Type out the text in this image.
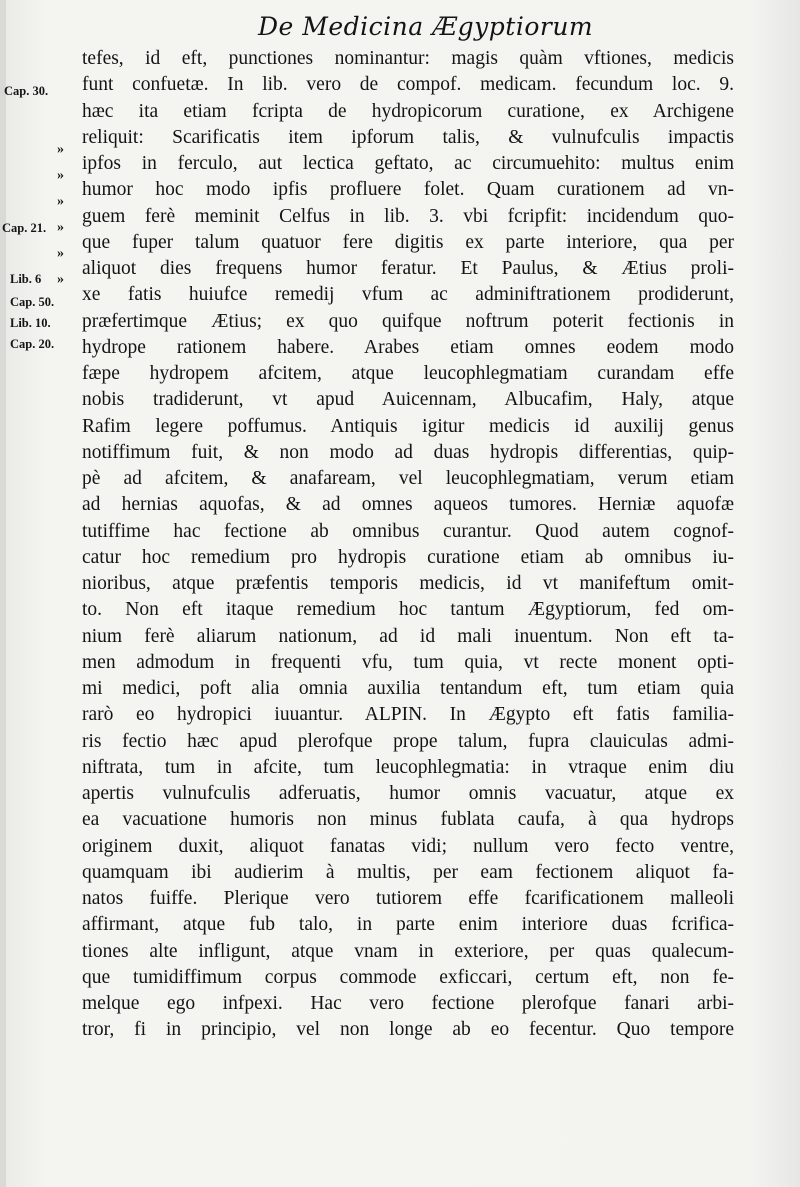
De Medicina Ægyptiorum
Cap. 30.
Cap. 21.
Lib. 6
Cap. 50.
Lib. 10.
Cap. 20.
»
»
»
»
»
»
tefes, id eft, punctiones nominantur: magis quàm vftiones, medicis
funt confuetæ. In lib. vero de compof. medicam. fecundum loc. 9.
hæc ita etiam fcripta de hydropicorum curatione, ex Archigene
reliquit: Scarificatis item ipforum talis, & vulnufculis impactis
ipfos in ferculo, aut lectica geftato, ac circumuehito: multus enim
humor hoc modo ipfis profluere folet. Quam curationem ad vn-
guem ferè meminit Celfus in lib. 3. vbi fcripfit: incidendum quo-
que fuper talum quatuor fere digitis ex parte interiore, qua per
aliquot dies frequens humor feratur. Et Paulus, & Ætius proli-
xe fatis huiufce remedij vfum ac adminiftrationem prodiderunt,
præfertimque Ætius; ex quo quifque noftrum poterit fectionis in
hydrope rationem habere. Arabes etiam omnes eodem modo
fæpe hydropem afcitem, atque leucophlegmatiam curandam effe
nobis tradiderunt, vt apud Auicennam, Albucafim, Haly, atque
Rafim legere poffumus. Antiquis igitur medicis id auxilij genus
notiffimum fuit, & non modo ad duas hydropis differentias, quip-
pè ad afcitem, & anafaream, vel leucophlegmatiam, verum etiam
ad hernias aquofas, & ad omnes aqueos tumores. Herniæ aquofæ
tutiffime hac fectione ab omnibus curantur. Quod autem cognof-
catur hoc remedium pro hydropis curatione etiam ab omnibus iu-
nioribus, atque præfentis temporis medicis, id vt manifeftum omit-
to. Non eft itaque remedium hoc tantum Ægyptiorum, fed om-
nium ferè aliarum nationum, ad id mali inuentum. Non eft ta-
men admodum in frequenti vfu, tum quia, vt recte monent opti-
mi medici, poft alia omnia auxilia tentandum eft, tum etiam quia
rarò eo hydropici iuuantur. ALPIN. In Ægypto eft fatis familia-
ris fectio hæc apud plerofque prope talum, fupra clauiculas admi-
niftrata, tum in afcite, tum leucophlegmatia: in vtraque enim diu
apertis vulnufculis adferuatis, humor omnis vacuatur, atque ex
ea vacuatione humoris non minus fublata caufa, à qua hydrops
originem duxit, aliquot fanatas vidi; nullum vero fecto ventre,
quamquam ibi audierim à multis, per eam fectionem aliquot fa-
natos fuiffe. Plerique vero tutiorem effe fcarificationem malleoli
affirmant, atque fub talo, in parte enim interiore duas fcrifica-
tiones alte infligunt, atque vnam in exteriore, per quas qualecum-
que tumidiffimum corpus commode exficcari, certum eft, non fe-
melque ego infpexi. Hac vero fectione plerofque fanari arbi-
tror, fi in principio, vel non longe ab eo fecentur. Quo tempore
